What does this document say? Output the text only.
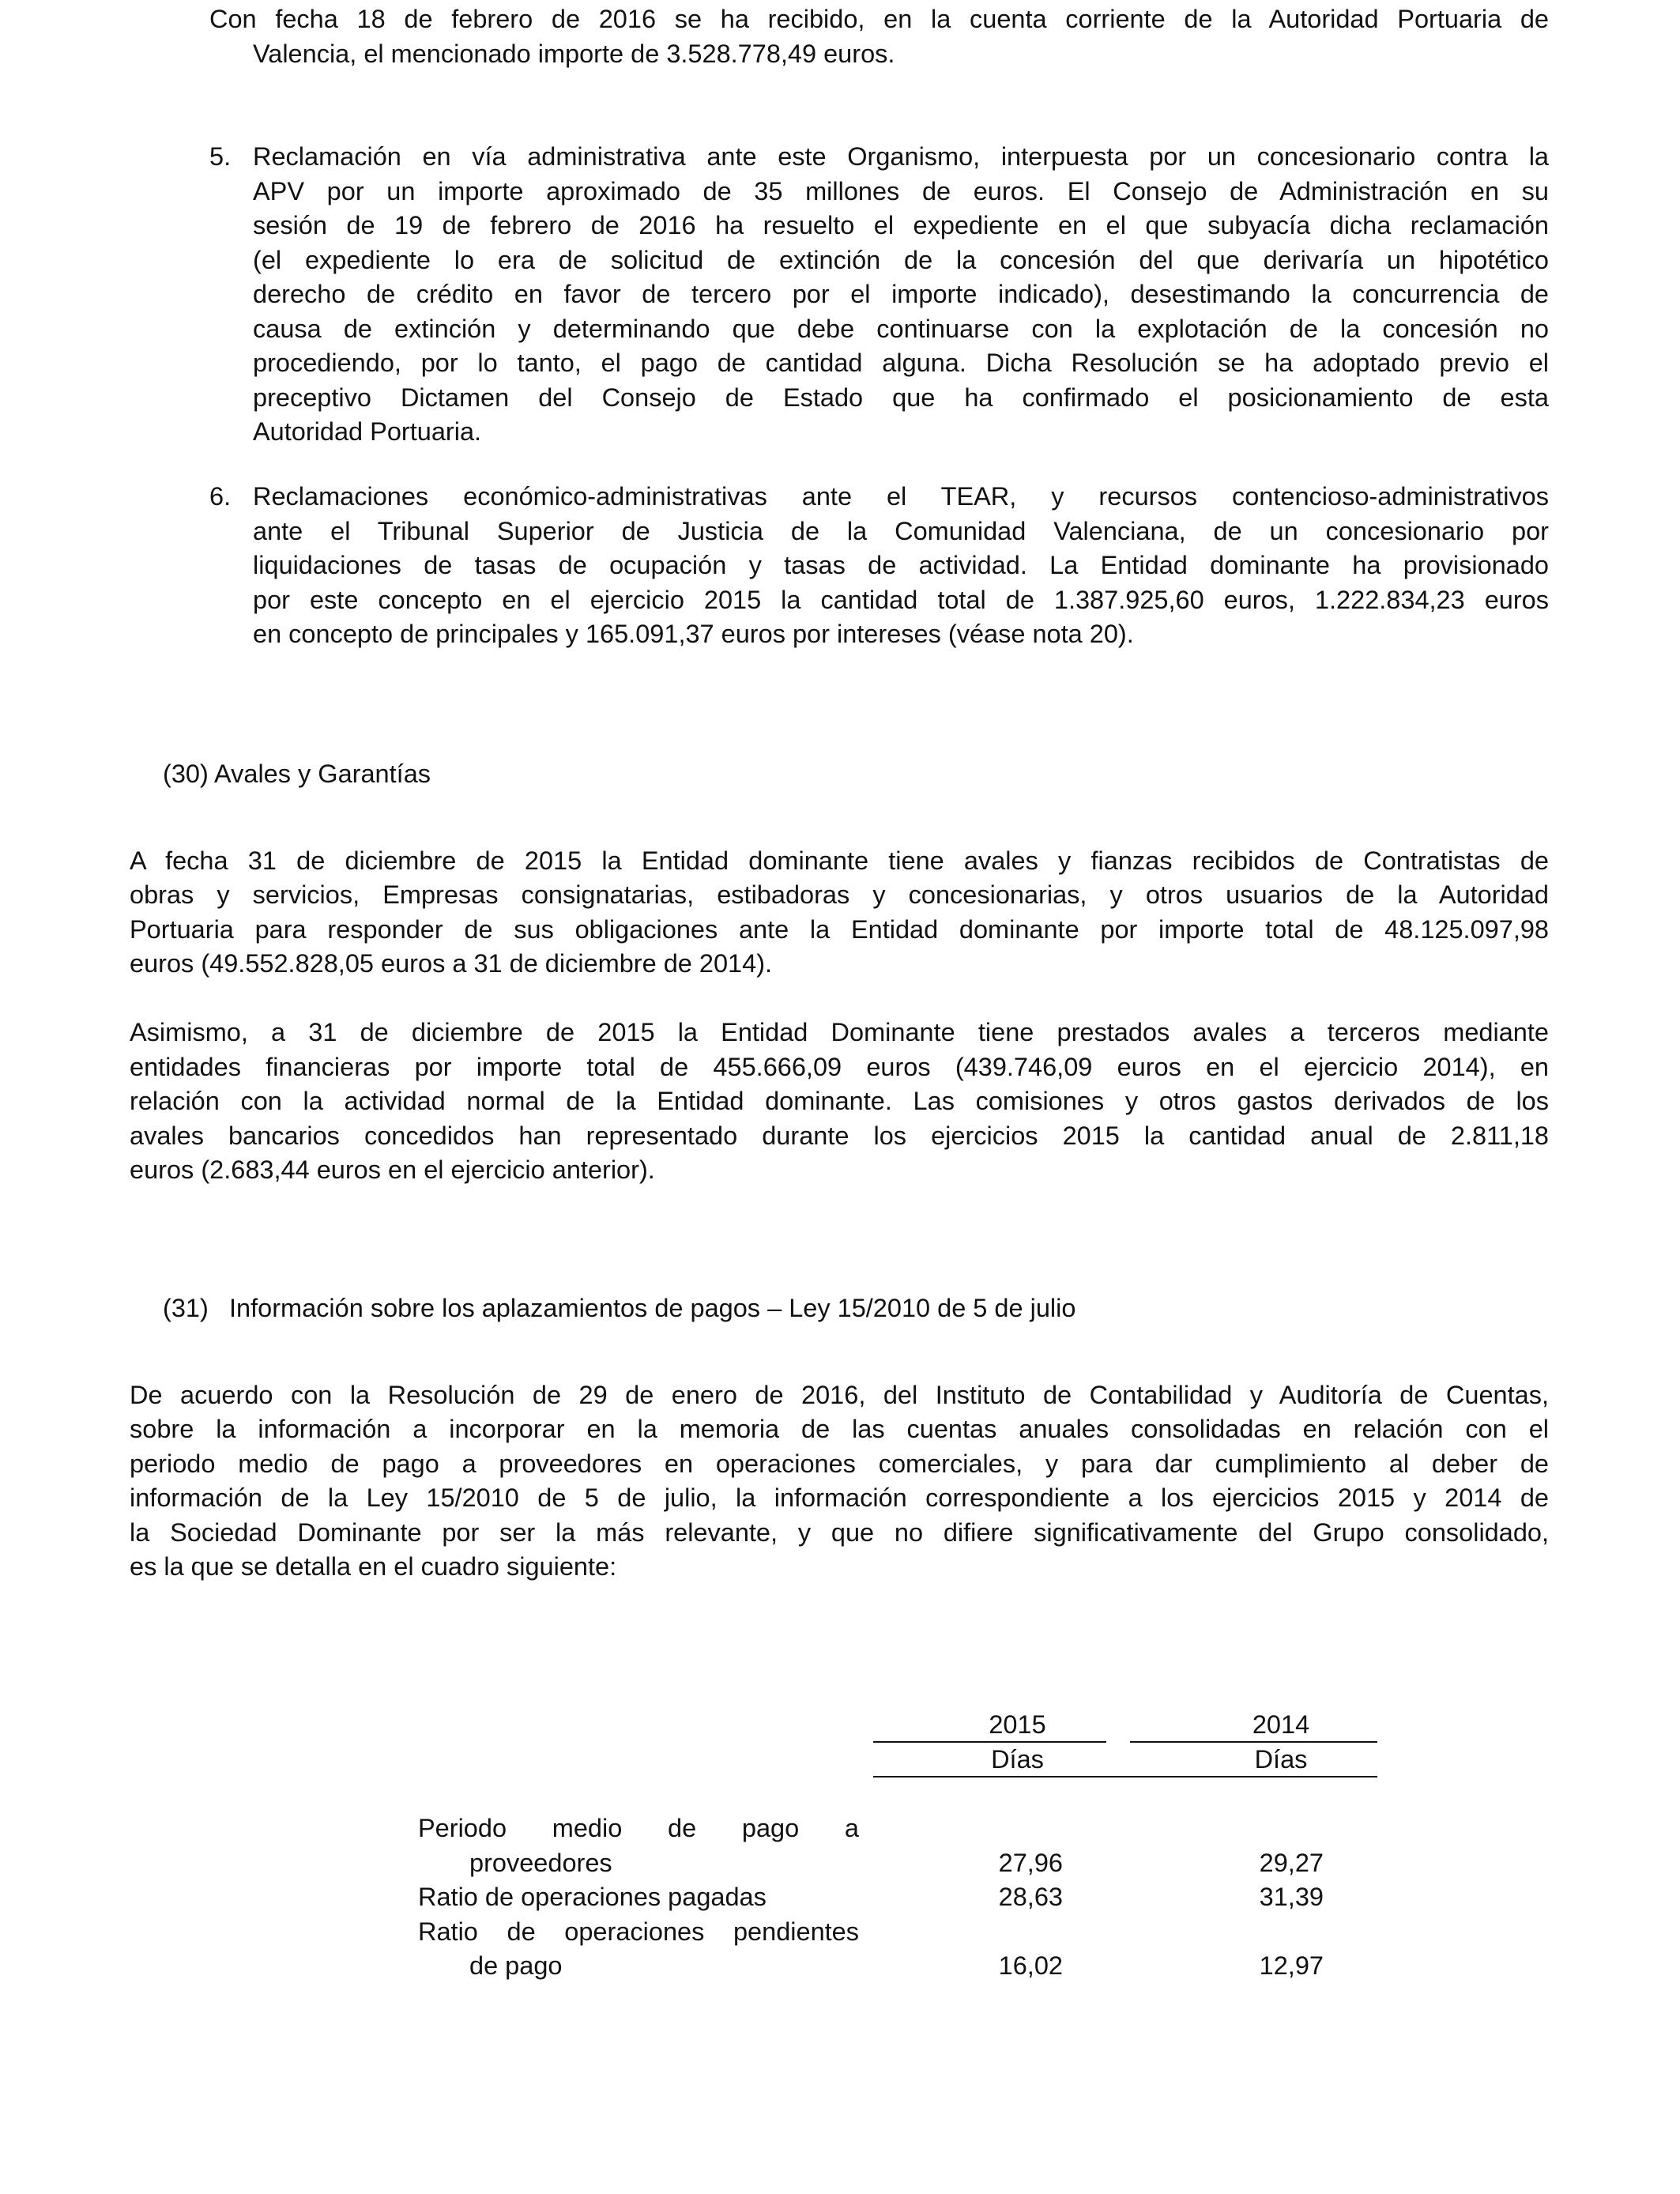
Con fecha 18 de febrero de 2016 se ha recibido, en la cuenta corriente de la Autoridad Portuaria de
Valencia, el mencionado importe de 3.528.778,49 euros.
5. Reclamación en vía administrativa ante este Organismo, interpuesta por un concesionario contra la
APV por un importe aproximado de 35 millones de euros. El Consejo de Administración en su
sesión de 19 de febrero de 2016 ha resuelto el expediente en el que subyacía dicha reclamación
(el expediente lo era de solicitud de extinción de la concesión del que derivaría un hipotético
derecho de crédito en favor de tercero por el importe indicado), desestimando la concurrencia de
causa de extinción y determinando que debe continuarse con la explotación de la concesión no
procediendo, por lo tanto, el pago de cantidad alguna. Dicha Resolución se ha adoptado previo el
preceptivo Dictamen del Consejo de Estado que ha confirmado el posicionamiento de esta
Autoridad Portuaria.
6. Reclamaciones económico-administrativas ante el TEAR, y recursos contencioso-administrativos
ante el Tribunal Superior de Justicia de la Comunidad Valenciana, de un concesionario por
liquidaciones de tasas de ocupación y tasas de actividad. La Entidad dominante ha provisionado
por este concepto en el ejercicio 2015 la cantidad total de 1.387.925,60 euros, 1.222.834,23 euros
en concepto de principales y 165.091,37 euros por intereses (véase nota 20).
(30) Avales y Garantías
A fecha 31 de diciembre de 2015 la Entidad dominante tiene avales y fianzas recibidos de Contratistas de
obras y servicios, Empresas consignatarias, estibadoras y concesionarias, y otros usuarios de la Autoridad
Portuaria para responder de sus obligaciones ante la Entidad dominante por importe total de 48.125.097,98
euros (49.552.828,05 euros a 31 de diciembre de 2014).
Asimismo, a 31 de diciembre de 2015 la Entidad Dominante tiene prestados avales a terceros mediante
entidades financieras por importe total de 455.666,09 euros (439.746,09 euros en el ejercicio 2014), en
relación con la actividad normal de la Entidad dominante. Las comisiones y otros gastos derivados de los
avales bancarios concedidos han representado durante los ejercicios 2015 la cantidad anual de 2.811,18
euros (2.683,44 euros en el ejercicio anterior).
(31) Información sobre los aplazamientos de pagos – Ley 15/2010 de 5 de julio
De acuerdo con la Resolución de 29 de enero de 2016, del Instituto de Contabilidad y Auditoría de Cuentas,
sobre la información a incorporar en la memoria de las cuentas anuales consolidadas en relación con el
periodo medio de pago a proveedores en operaciones comerciales, y para dar cumplimiento al deber de
información de la Ley 15/2010 de 5 de julio, la información correspondiente a los ejercicios 2015 y 2014 de
la Sociedad Dominante por ser la más relevante, y que no difiere significativamente del Grupo consolidado,
es la que se detalla en el cuadro siguiente:
2015	2014
Días	Días
Periodo medio de pago a
proveedores	27,96	29,27
Ratio de operaciones pagadas	28,63	31,39
Ratio de operaciones pendientes
de pago	16,02	12,97
